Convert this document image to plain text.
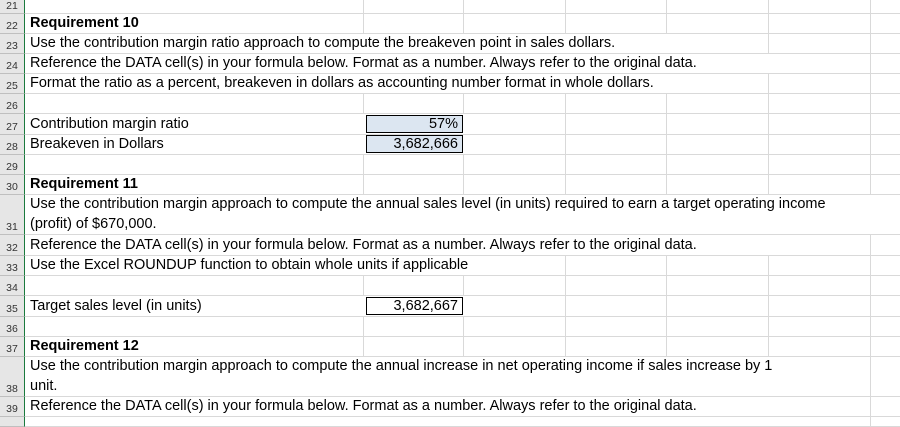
21
22 Requirement 10
23 Use the contribution margin ratio approach to compute the breakeven point in sales dollars.
24 Reference the DATA cell(s) in your formula below. Format as a number. Always refer to the original data.
25 Format the ratio as a percent, breakeven in dollars as accounting number format in whole dollars.
26
27 Contribution margin ratio	57%
28 Breakeven in Dollars	3,682,666
29
30 Requirement 11
31
Use the contribution margin approach to compute the annual sales level (in units) required to earn a target operating income
(profit) of $670,000.
32 Reference the DATA cell(s) in your formula below. Format as a number. Always refer to the original data.
33 Use the Excel ROUNDUP function to obtain whole units if applicable
34
35 Target sales level (in units)	3,682,667
36
37 Requirement 12
38
Use the contribution margin approach to compute the annual increase in net operating income if sales increase by 1
unit.
39 Reference the DATA cell(s) in your formula below. Format as a number. Always refer to the original data.
